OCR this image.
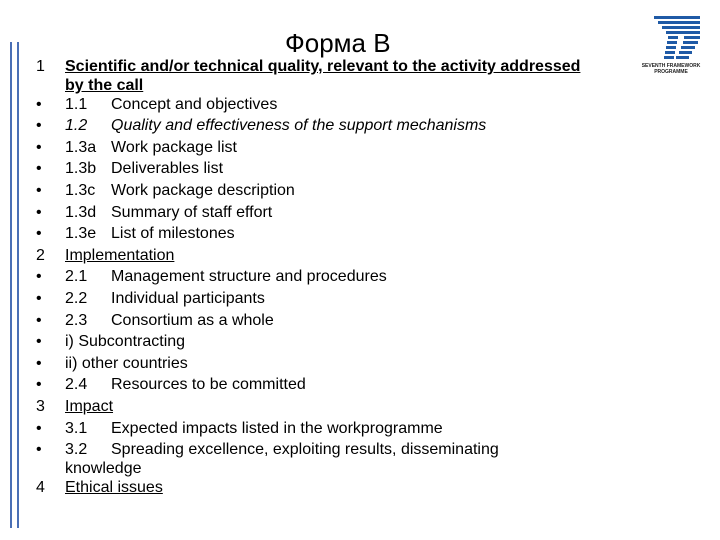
Форма В
SEVENTH FRAMEWORK PROGRAMME
1	Scientific and/or technical quality, relevant to the activity addressed
by the call
•	1.1 Concept and objectives
•	1.2 Quality and effectiveness of the support mechanisms
•	1.3a Work package list
•	1.3b Deliverables list
•	1.3c Work package description
•	1.3d Summary of staff effort
•	1.3e List of milestones
2	Implementation
•	2.1 Management structure and procedures
•	2.2 Individual participants
•	2.3 Consortium as a whole
•	i) Subcontracting
•	ii) other countries
•	2.4 Resources to be committed
3	Impact
•	3.1 Expected impacts listed in the workprogramme
•	3.2 Spreading excellence, exploiting results, disseminating
knowledge
4	Ethical issues
